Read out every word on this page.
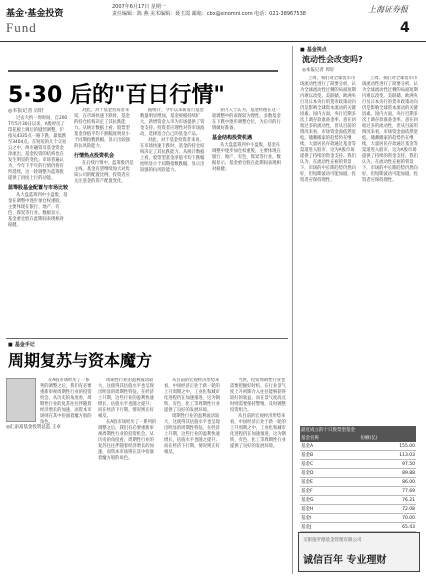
基金·基金投资
Fund
2007年6月17日 星期一
责任编辑：陈 燕 美术编辑：聂玉霞 邮箱：cbx@sinomni.com 电话：021-38967538	上海证券报
4
5·30 后的"百日行情"
◎本报记者 周轩

过去大约一周时间，自2007年5月30日以来，A股经历了印花税上调后的剧烈调整，沪指从4335点一路下跌，最低跌至3404点。在短短的几个交易日之中，两市融资及基金资金净流出，基金投资的结构也在发生明显的变化。市场普遍认为，今年下半年的行情仍将有所延续，这一轮调整为蓝筹股提供了再度上行的动能。

蓝筹股基金配置与市场比较

从大盘蓝筹到中小盘股，基金在调整中逐步加仓权重股，主要体现在银行、地产、有色、煤炭等行业。数据显示，基金重仓股在此期间表现相对稳健。

对此，对于基金投资者来说，在市场快速下跌时，基金的持仓结构决定了其抗跌能力。从统计数据上看，股票型基金净值平均下跌幅度明显小于同期指数跌幅，显示出较强的抗风险能力。

行情热点投资机会

在后续行情中，蓝筹股仍是主线，基金有望继续加大对优质公司的配置比例，投资者应关注基金的资产配置变化。

据统计，今年以来新发行基金数量明显增加，基金规模持续扩大，新增资金入市为市场提供了资金支持。投资者应理性对待市场波动，选择适合自己的基金产品。

对此，对于基金投资者来说，在市场快速下跌时，基金的持仓结构决定了其抗跌能力。从统计数据上看，股票型基金净值平均下跌幅度明显小于同期指数跌幅，显示出较强的抗风险能力。

业内人士认为，基金经理在这一轮调整中的表现较为理性，多数基金在下跌中逐步调整仓位，为后市的行情做好准备。

基金结构投资机遇

从大盘蓝筹到中小盘股，基金在调整中逐步加仓权重股，主要体现在银行、地产、有色、煤炭等行业。数据显示，基金重仓股在此期间表现相对稳健。

■ 基金视点
流动性会改变吗?
◎本报记者 周轩

上周，我们对全球货币市场流动性进行了简要分析，认为全球流动性过剩的局面短期内难以改变。美联储、欧洲央行及日本央行的货币政策动向仍是影响全球资本流动的关键因素。国内方面，央行近期多次上调存款准备金率，意在回收过多的流动性，但从目前的情况来看，市场资金面依然宽松。储蓄搬家的趋势仍在继续，大量居民存款通过基金等渠道进入股市，这为A股市场提供了持续的资金支持。我们认为，在流动性充裕的背景下，市场的中长期趋势仍然向好，但短期波动可能加剧，投资者应保持理性。

上周，我们对全球货币市场流动性进行了简要分析，认为全球流动性过剩的局面短期内难以改变。美联储、欧洲央行及日本央行的货币政策动向仍是影响全球资本流动的关键因素。国内方面，央行近期多次上调存款准备金率，意在回收过多的流动性，但从目前的情况来看，市场资金面依然宽松。储蓄搬家的趋势仍在继续，大量居民存款通过基金等渠道进入股市，这为A股市场提供了持续的资金支持。我们认为，在流动性充裕的背景下，市场的中长期趋势仍然向好，但短期波动可能加剧，投资者应保持理性。

■ 基金手记
周期复苏与资本魔方
◎汇添富基金投资总监 王卓

在A股市场经历了一系列的调整之后，我们有必要重新审视周期性行业的投资机会。从历史的角度看，周期性行业的复苏往往伴随着经济增长的加速，而资本市场则在其中扮演着魔方般的角色。

周期性行业的盈利波动较大，这使得其估值水平也呈现出明显的周期性特征。在经济上升期，这些行业的盈利快速增长，估值水平也随之提升；而在经济下行期，情况则正好相反。

在A股市场经历了一系列的调整之后，我们有必要重新审视周期性行业的投资机会。从历史的角度看，周期性行业的复苏往往伴随着经济增长的加速，而资本市场则在其中扮演着魔方般的角色。

从目前的宏观经济形势来看，中国经济正处于新一轮的上升周期之中，工业化和城市化进程仍在加速推进，这为钢铁、有色、化工等周期性行业提供了良好的发展环境。

周期性行业的盈利波动较大，这使得其估值水平也呈现出明显的周期性特征。在经济上升期，这些行业的盈利快速增长，估值水平也随之提升；而在经济下行期，情况则正好相反。

当然，投资周期性行业也需要把握好时机。在行业景气度上升初期介入往往能够获得较好的收益，而在景气度高点时则需要保持警惕，及时调整投资组合。

从目前的宏观经济形势来看，中国经济正处于新一轮的上升周期之中，工业化和城市化进程仍在加速推进，这为钢铁、有色、化工等周期性行业提供了良好的发展环境。

最近成立的十只股票型基金	
基金名称	份额(亿)
基金A	155.00
基金B	113.03
基金C	97.50
基金D	89.88
基金E	86.00
基金F	77.69
基金G	76.21
基金H	72.08
基金I	70.00
基金J	65.43
交银施罗德基金管理有限公司
诚信百年 专业理财
